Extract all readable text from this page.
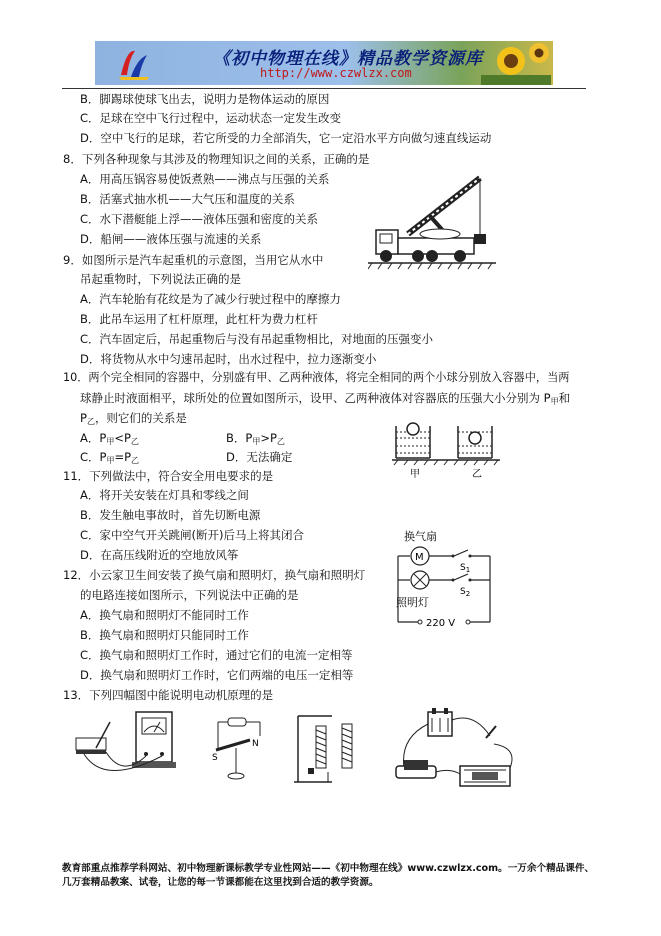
《初中物理在线》精品教学资源库
http://www.czwlzx.com
B．脚踢球使球飞出去，说明力是物体运动的原因
C．足球在空中飞行过程中，运动状态一定发生改变
D．空中飞行的足球，若它所受的力全部消失，它一定沿水平方向做匀速直线运动
8．下列各种现象与其涉及的物理知识之间的关系，正确的是
A．用高压锅容易使饭煮熟——沸点与压强的关系
B．活塞式抽水机——大气压和温度的关系
C．水下潜艇能上浮——液体压强和密度的关系
D．船闸——液体压强与流速的关系
9．如图所示是汽车起重机的示意图，当用它从水中
吊起重物时，下列说法正确的是
A．汽车轮胎有花纹是为了减少行驶过程中的摩擦力
B．此吊车运用了杠杆原理，此杠杆为费力杠杆
C．汽车固定后，吊起重物后与没有吊起重物相比，对地面的压强变小
D．将货物从水中匀速吊起时，出水过程中，拉力逐渐变小
10．两个完全相同的容器中，分别盛有甲、乙两种液体，将完全相同的两个小球分别放入容器中，当两
球静止时液面相平，球所处的位置如图所示，设甲、乙两种液体对容器底的压强大小分别为 $P_甲$和
$P_乙$，则它们的关系是
A．$P_甲<P_乙$	B．$P_甲>P_乙$
C．$P_甲=P_乙$	D．无法确定
甲	乙
11．下列做法中，符合安全用电要求的是
A．将开关安装在灯具和零线之间
B．发生触电事故时，首先切断电源
C．家中空气开关跳闸(断开)后马上将其闭合
D．在高压线附近的空地放风筝
换气扇
M
$S_1$
$S_2$
照明灯
220 V
12．小云家卫生间安装了换气扇和照明灯，换气扇和照明灯
的电路连接如图所示，下列说法中正确的是
A．换气扇和照明灯不能同时工作
B．换气扇和照明灯只能同时工作
C．换气扇和照明灯工作时，通过它们的电流一定相等
D．换气扇和照明灯工作时，它们两端的电压一定相等
13．下列四幅图中能说明电动机原理的是
S
N
教育部重点推荐学科网站、初中物理新课标教学专业性网站——《初中物理在线》www.czwlzx.com。一万余个精品课件、
几万套精品教案、试卷，让您的每一节课都能在这里找到合适的教学资源。
